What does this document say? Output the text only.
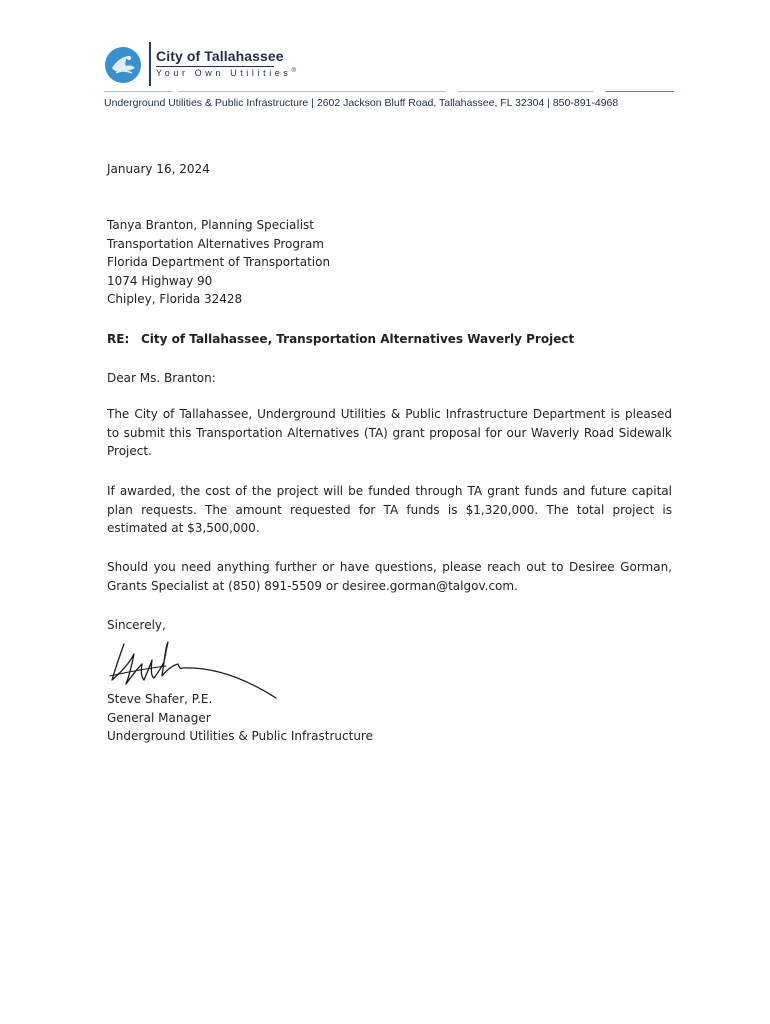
City of Tallahassee
Your Own Utilities®
Underground Utilities & Public Infrastructure | 2602 Jackson Bluff Road, Tallahassee, FL 32304 | 850-891-4968

January 16, 2024

Tanya Branton, Planning Specialist

Transportation Alternatives Program

Florida Department of Transportation

1074 Highway 90

Chipley, Florida 32428

RE: City of Tallahassee, Transportation Alternatives Waverly Project

Dear Ms. Branton:

The City of Tallahassee, Underground Utilities & Public Infrastructure Department is pleased to submit this Transportation Alternatives (TA) grant proposal for our Waverly Road Sidewalk Project.

If awarded, the cost of the project will be funded through TA grant funds and future capital plan requests. The amount requested for TA funds is $1,320,000. The total project is estimated at $3,500,000.

Should you need anything further or have questions, please reach out to Desiree Gorman, Grants Specialist at (850) 891-5509 or desiree.gorman@talgov.com.

Sincerely,

Steve Shafer, P.E.

General Manager

Underground Utilities & Public Infrastructure
